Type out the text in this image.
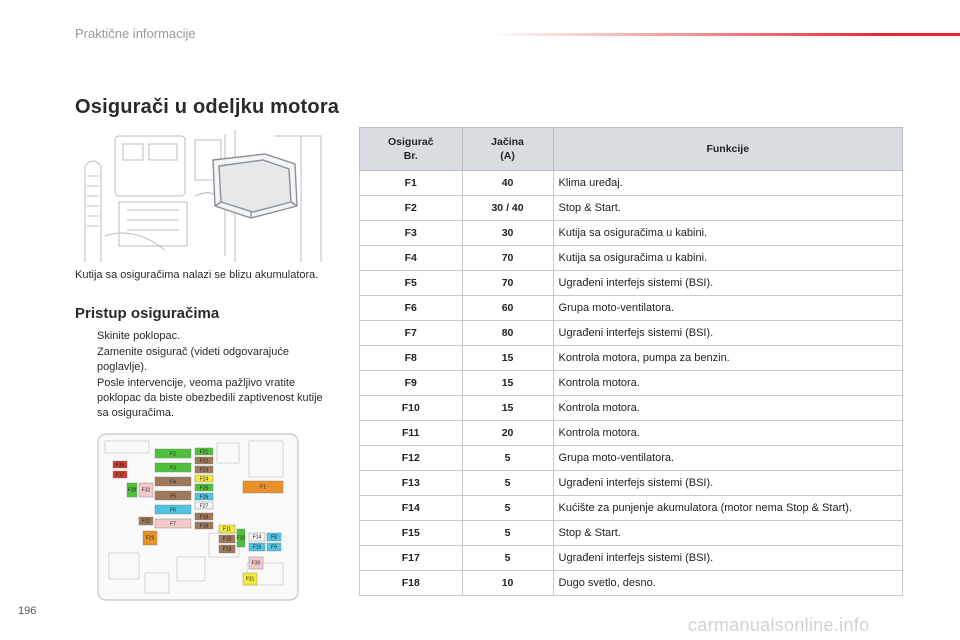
Praktične informacije
Osigurači u odeljku motora

Kutija sa osiguračima nalazi se blizu akumulatora.

Pristup osiguračima
Skinite poklopac.
Zamenite osigurač (videti odgovarajuće poglavlje).
Posle intervencije, veoma pažljivo vratite poklopac da biste obezbedili zaptivenost kutije sa osiguračima.
F2
F3
F4
F5
F6
F7
F21
F22
F23
F24
F25
F26
F27
F18
F19
F16
F17
F28 F32
F12
F29
F11
F10
F13
F20 F14
F15
F8
F9
F30
F31
F1
Osigurač Br.	Jačina (A)	Funkcije
F1	40	Klima uređaj.
F2	30 / 40	Stop & Start.
F3	30	Kutija sa osiguračima u kabini.
F4	70	Kutija sa osiguračima u kabini.
F5	70	Ugrađeni interfejs sistemi (BSI).
F6	60	Grupa moto-ventilatora.
F7	80	Ugrađeni interfejs sistemi (BSI).
F8	15	Kontrola motora, pumpa za benzin.
F9	15	Kontrola motora.
F10	15	Kontrola motora.
F11	20	Kontrola motora.
F12	5	Grupa moto-ventilatora.
F13	5	Ugrađeni interfejs sistemi (BSI).
F14	5	Kućište za punjenje akumulatora (motor nema Stop & Start).
F15	5	Stop & Start.
F17	5	Ugrađeni interfejs sistemi (BSI).
F18	10	Dugo svetlo, desno.
196
carmanualsonline.info
